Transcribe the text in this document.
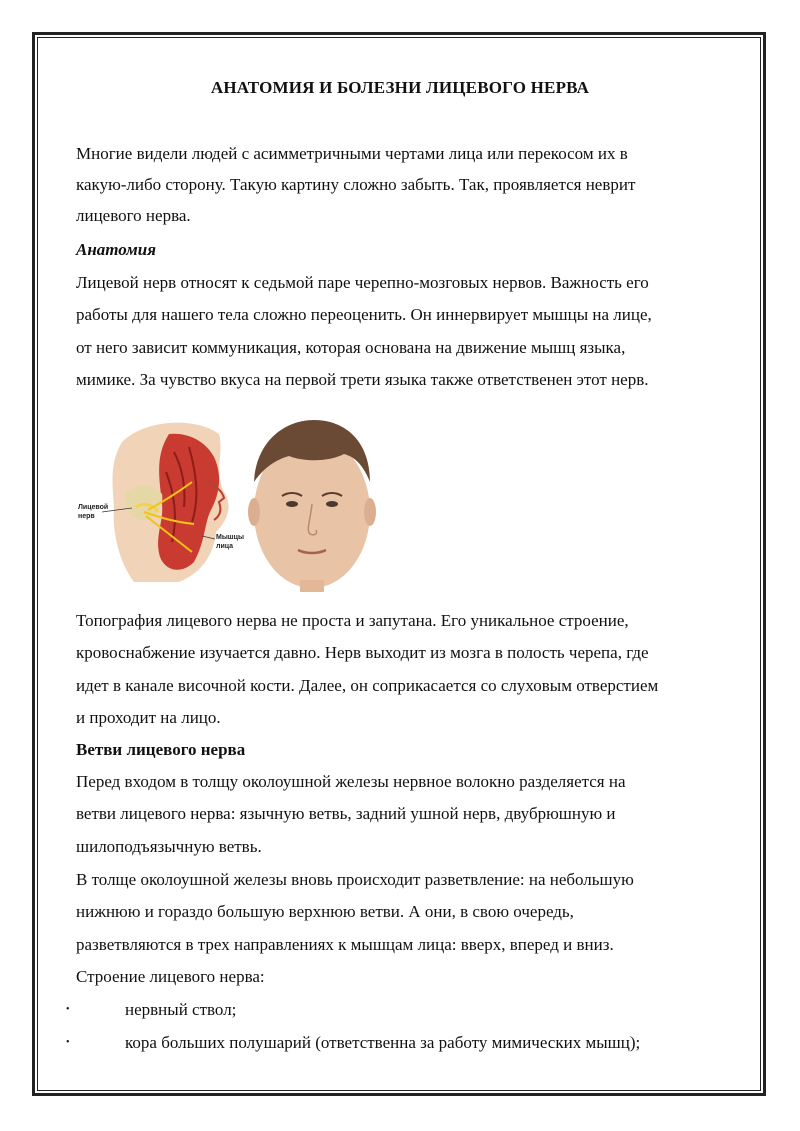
АНАТОМИЯ И БОЛЕЗНИ ЛИЦЕВОГО НЕРВА

Многие видели людей с асимметричными чертами лица или перекосом их в

какую-либо сторону. Такую картину сложно забыть. Так, проявляется неврит

лицевого нерва.

Анатомия

Лицевой нерв относят к седьмой паре черепно-мозговых нервов. Важность его

работы для нашего тела сложно переоценить. Он иннервирует мышцы на лице,

от него зависит коммуникация, которая основана на движение мышц языка,

мимике. За чувство вкуса на первой трети языка также ответственен этот нерв.

Лицевой
нерв
Мышцы
лица

Топография лицевого нерва не проста и запутана. Его уникальное строение,

кровоснабжение изучается давно. Нерв выходит из мозга в полость черепа, где

идет в канале височной кости. Далее, он соприкасается со слуховым отверстием

и проходит на лицо.

Ветви лицевого нерва

Перед входом в толщу околоушной железы нервное волокно разделяется на

ветви лицевого нерва: язычную ветвь, задний ушной нерв, двубрюшную и

шилоподъязычную ветвь.

В толще околоушной железы вновь происходит разветвление: на небольшую

нижнюю и гораздо большую верхнюю ветви. А они, в свою очередь,

разветвляются в трех направлениях к мышцам лица: вверх, вперед и вниз.

Строение лицевого нерва:

•	нервный ствол;

•	кора больших полушарий (ответственна за работу мимических мышц);
